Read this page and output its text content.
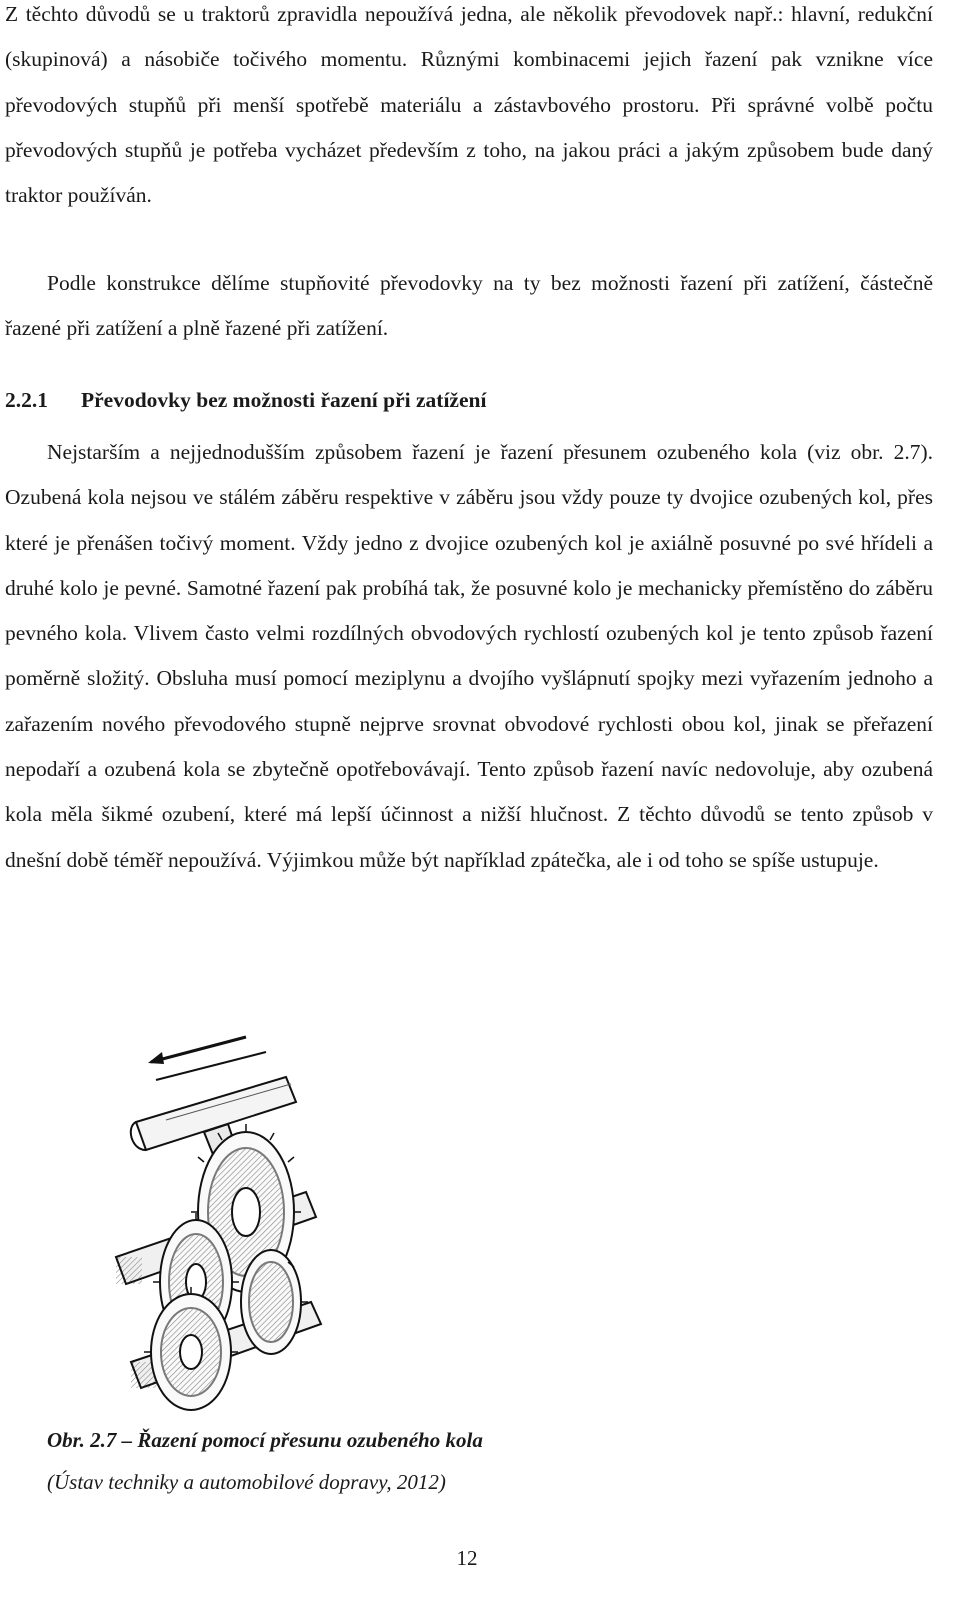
Z těchto důvodů se u traktorů zpravidla nepoužívá jedna, ale několik převodovek např.: hlavní, redukční (skupinová) a násobiče točivého momentu. Různými kombinacemi jejich řazení pak vznikne více převodových stupňů při menší spotřebě materiálu a zástavbového prostoru. Při správné volbě počtu převodových stupňů je potřeba vycházet především z toho, na jakou práci a jakým způsobem bude daný traktor používán.

Podle konstrukce dělíme stupňovité převodovky na ty bez možnosti řazení při zatížení, částečně řazené při zatížení a plně řazené při zatížení.

2.2.1 Převodovky bez možnosti řazení při zatížení

Nejstarším a nejjednodušším způsobem řazení je řazení přesunem ozubeného kola (viz obr. 2.7). Ozubená kola nejsou ve stálém záběru respektive v záběru jsou vždy pouze ty dvojice ozubených kol, přes které je přenášen točivý moment. Vždy jedno z dvojice ozubených kol je axiálně posuvné po své hřídeli a druhé kolo je pevné. Samotné řazení pak probíhá tak, že posuvné kolo je mechanicky přemístěno do záběru pevného kola. Vlivem často velmi rozdílných obvodových rychlostí ozubených kol je tento způsob řazení poměrně složitý. Obsluha musí pomocí meziplynu a dvojího vyšlápnutí spojky mezi vyřazením jednoho a zařazením nového převodového stupně nejprve srovnat obvodové rychlosti obou kol, jinak se přeřazení nepodaří a ozubená kola se zbytečně opotřebovávají. Tento způsob řazení navíc nedovoluje, aby ozubená kola měla šikmé ozubení, které má lepší účinnost a nižší hlučnost. Z těchto důvodů se tento způsob v dnešní době téměř nepoužívá. Výjimkou může být například zpátečka, ale i od toho se spíše ustupuje.

Obr. 2.7 – Řazení pomocí přesunu ozubeného kola

(Ústav techniky a automobilové dopravy, 2012)

12
